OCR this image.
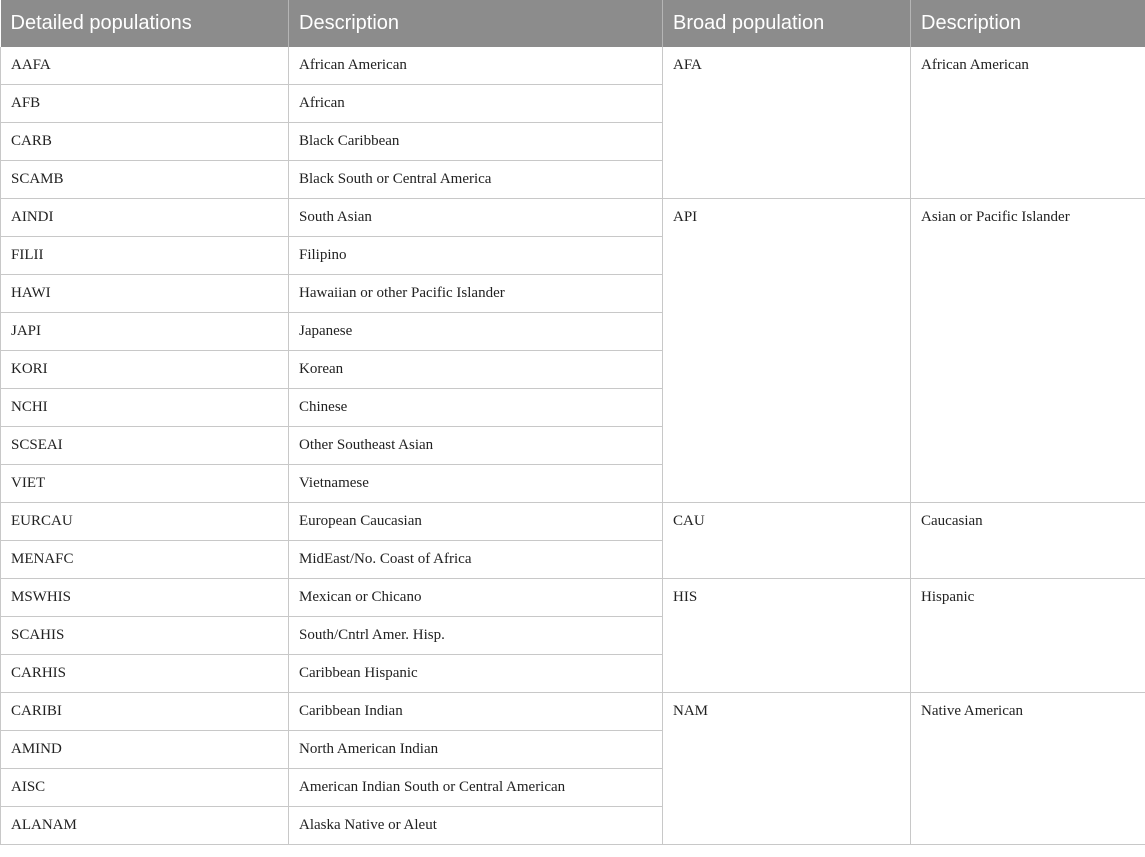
Detailed populations	Description	Broad population	Description
AAFA	African American	AFA	African American
AFB	African		
CARB	Black Caribbean		
SCAMB	Black South or Central America		
AINDI	South Asian	API	Asian or Pacific Islander
FILII	Filipino		
HAWI	Hawaiian or other Pacific Islander		
JAPI	Japanese		
KORI	Korean		
NCHI	Chinese		
SCSEAI	Other Southeast Asian		
VIET	Vietnamese		
EURCAU	European Caucasian	CAU	Caucasian
MENAFC	MidEast/No. Coast of Africa		
MSWHIS	Mexican or Chicano	HIS	Hispanic
SCAHIS	South/Cntrl Amer. Hisp.		
CARHIS	Caribbean Hispanic		
CARIBI	Caribbean Indian	NAM	Native American
AMIND	North American Indian		
AISC	American Indian South or Central American		
ALANAM	Alaska Native or Aleut		
